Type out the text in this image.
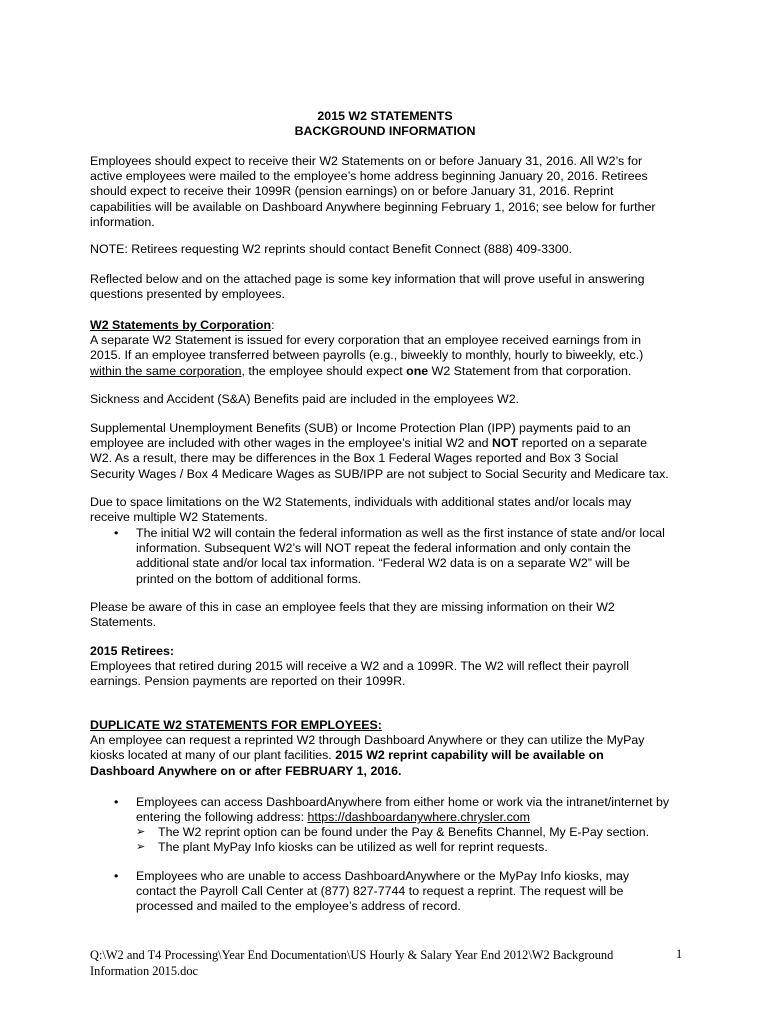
2015 W2 STATEMENTS
BACKGROUND INFORMATION
Employees should expect to receive their W2 Statements on or before January 31, 2016. All W2’s for
active employees were mailed to the employee’s home address beginning January 20, 2016. Retirees
should expect to receive their 1099R (pension earnings) on or before January 31, 2016. Reprint
capabilities will be available on Dashboard Anywhere beginning February 1, 2016; see below for further
information.
NOTE: Retirees requesting W2 reprints should contact Benefit Connect (888) 409-3300.
Reflected below and on the attached page is some key information that will prove useful in answering
questions presented by employees.
W2 Statements by Corporation:
A separate W2 Statement is issued for every corporation that an employee received earnings from in
2015. If an employee transferred between payrolls (e.g., biweekly to monthly, hourly to biweekly, etc.)
within the same corporation, the employee should expect one W2 Statement from that corporation.
Sickness and Accident (S&A) Benefits paid are included in the employees W2.
Supplemental Unemployment Benefits (SUB) or Income Protection Plan (IPP) payments paid to an
employee are included with other wages in the employee’s initial W2 and NOT reported on a separate
W2. As a result, there may be differences in the Box 1 Federal Wages reported and Box 3 Social
Security Wages / Box 4 Medicare Wages as SUB/IPP are not subject to Social Security and Medicare tax.
Due to space limitations on the W2 Statements, individuals with additional states and/or locals may
receive multiple W2 Statements.
•	The initial W2 will contain the federal information as well as the first instance of state and/or local
information. Subsequent W2’s will NOT repeat the federal information and only contain the
additional state and/or local tax information. “Federal W2 data is on a separate W2” will be
printed on the bottom of additional forms.
Please be aware of this in case an employee feels that they are missing information on their W2
Statements.
2015 Retirees:
Employees that retired during 2015 will receive a W2 and a 1099R. The W2 will reflect their payroll
earnings. Pension payments are reported on their 1099R.
DUPLICATE W2 STATEMENTS FOR EMPLOYEES:
An employee can request a reprinted W2 through Dashboard Anywhere or they can utilize the MyPay
kiosks located at many of our plant facilities. 2015 W2 reprint capability will be available on
Dashboard Anywhere on or after FEBRUARY 1, 2016.
•	Employees can access DashboardAnywhere from either home or work via the intranet/internet by
entering the following address: https://dashboardanywhere.chrysler.com
➢	The W2 reprint option can be found under the Pay & Benefits Channel, My E-Pay section.
➢	The plant MyPay Info kiosks can be utilized as well for reprint requests.
•	Employees who are unable to access DashboardAnywhere or the MyPay Info kiosks, may
contact the Payroll Call Center at (877) 827-7744 to request a reprint. The request will be
processed and mailed to the employee’s address of record.
Q:\W2 and T4 Processing\Year End Documentation\US Hourly & Salary Year End 2012\W2 Background
Information 2015.doc
1
